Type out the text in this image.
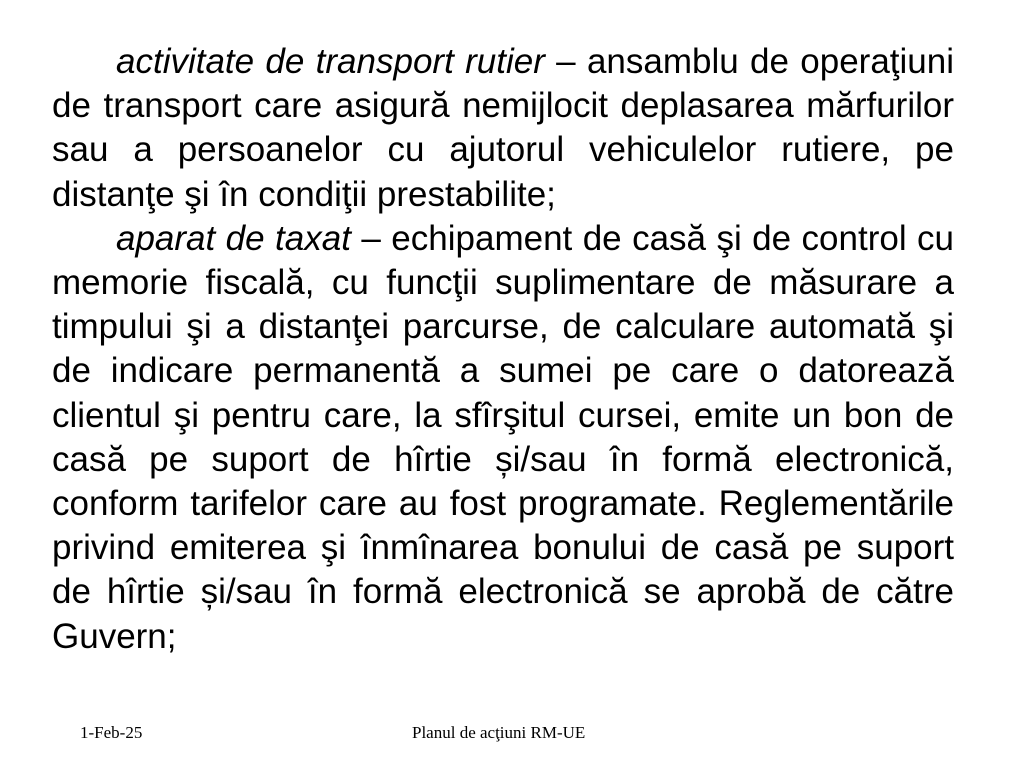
activitate de transport rutier – ansamblu de operaţiuni de transport care asigură nemijlocit deplasarea mărfurilor sau a persoanelor cu ajutorul vehiculelor rutiere, pe distanţe şi în condiţii prestabilite;

aparat de taxat – echipament de casă şi de control cu memorie fiscală, cu funcţii suplimentare de măsurare a timpului şi a distanţei parcurse, de calculare automată şi de indicare permanentă a sumei pe care o datorează clientul şi pentru care, la sfîrşitul cursei, emite un bon de casă pe suport de hîrtie și/sau în formă electronică, conform tarifelor care au fost programate. Reglementările privind emiterea şi înmînarea bonului de casă pe suport de hîrtie și/sau în formă electronică se aprobă de către Guvern;

1-Feb-25	Planul de acţiuni RM-UE
